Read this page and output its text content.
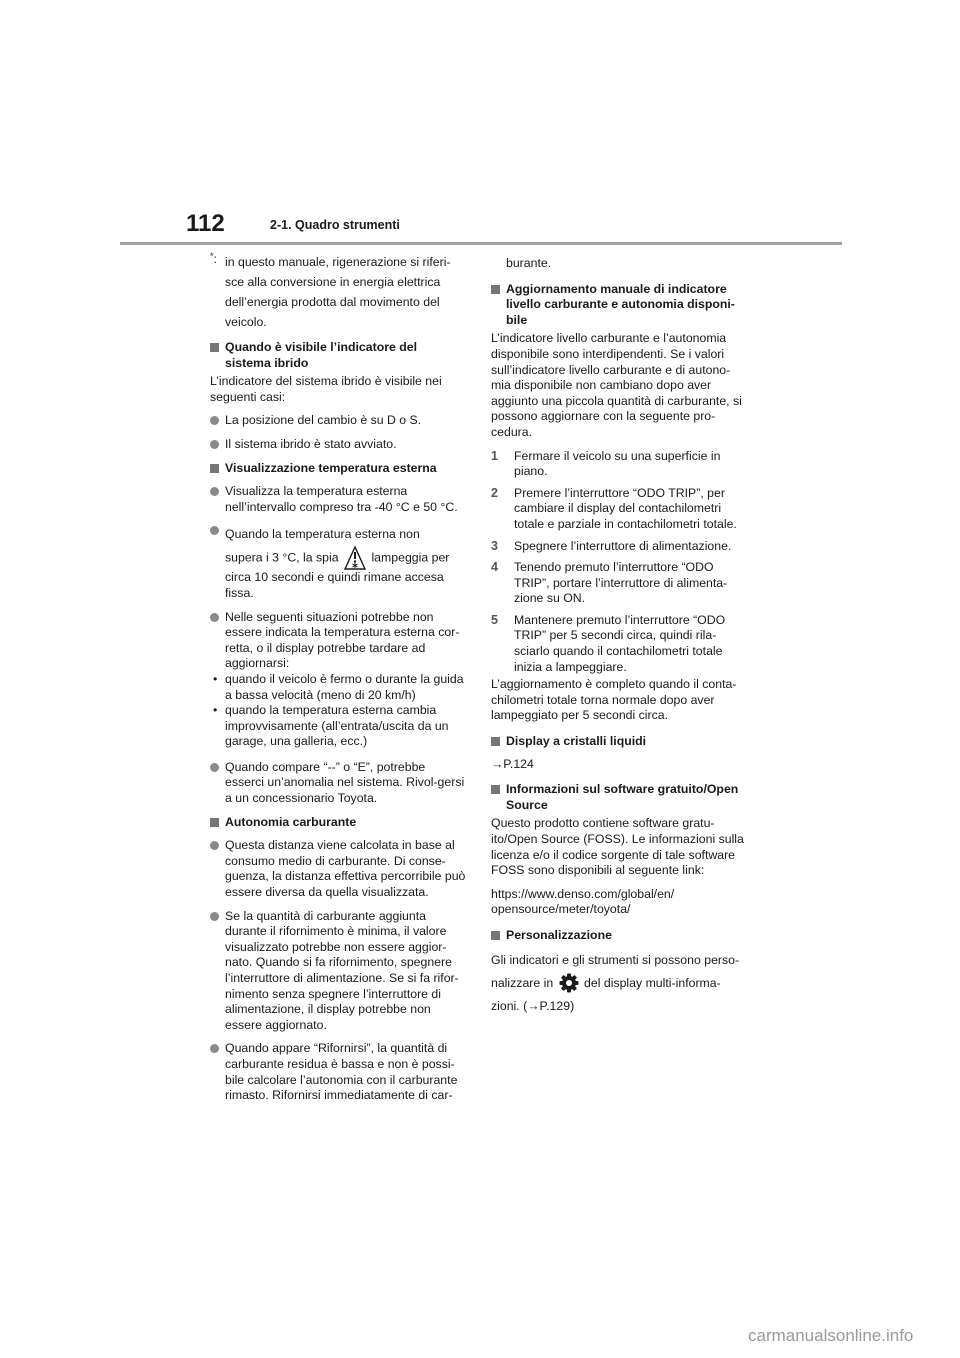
112	2-1. Quadro strumenti
*: in questo manuale, rigenerazione si riferi-
sce alla conversione in energia elettrica
dell’energia prodotta dal movimento del
veicolo.
Quando è visibile l’indicatore del sistema ibrido
L’indicatore del sistema ibrido è visibile nei seguenti casi:
La posizione del cambio è su D o S.
Il sistema ibrido è stato avviato.
Visualizzazione temperatura esterna
Visualizza la temperatura esterna nell’intervallo compreso tra -40 °C e 50 °C.
Quando la temperatura esterna non
supera i 3 °C, la spia	lampeggia per
circa 10 secondi e quindi rimane accesa fissa.
Nelle seguenti situazioni potrebbe non essere indicata la temperatura esterna cor-retta, o il display potrebbe tardare ad aggiornarsi:
• quando il veicolo è fermo o durante la guida a bassa velocità (meno di 20 km/h)
• quando la temperatura esterna cambia improvvisamente (all’entrata/uscita da un garage, una galleria, ecc.)
Quando compare “--” o “E”, potrebbe esserci un’anomalia nel sistema. Rivol-gersi a un concessionario Toyota.
Autonomia carburante
Questa distanza viene calcolata in base al consumo medio di carburante. Di conse-guenza, la distanza effettiva percorribile può essere diversa da quella visualizzata.
Se la quantità di carburante aggiunta durante il rifornimento è minima, il valore visualizzato potrebbe non essere aggior-nato. Quando si fa rifornimento, spegnere l’interruttore di alimentazione. Se si fa rifor-nimento senza spegnere l’interruttore di alimentazione, il display potrebbe non essere aggiornato.
Quando appare “Rifornirsi”, la quantità di carburante residua è bassa e non è possi-bile calcolare l’autonomia con il carburante rimasto. Rifornirsi immediatamente di car-
burante.
Aggiornamento manuale di indicatore livello carburante e autonomia disponi-bile
L’indicatore livello carburante e l’autonomia disponibile sono interdipendenti. Se i valori sull’indicatore livello carburante e di autono-mia disponibile non cambiano dopo aver aggiunto una piccola quantità di carburante, si possono aggiornare con la seguente pro-cedura.
1 Fermare il veicolo su una superficie in piano.
2 Premere l’interruttore “ODO TRIP”, per cambiare il display del contachilometri totale e parziale in contachilometri totale.
3 Spegnere l’interruttore di alimentazione.
4 Tenendo premuto l’interruttore “ODO TRIP”, portare l’interruttore di alimenta-zione su ON.
5 Mantenere premuto l’interruttore “ODO TRIP” per 5 secondi circa, quindi rila-sciarlo quando il contachilometri totale inizia a lampeggiare.
L’aggiornamento è completo quando il conta-chilometri totale torna normale dopo aver lampeggiato per 5 secondi circa.
Display a cristalli liquidi
→P.124
Informazioni sul software gratuito/Open Source
Questo prodotto contiene software gratu-ito/Open Source (FOSS). Le informazioni sulla licenza e/o il codice sorgente di tale software FOSS sono disponibili al seguente link:
https://www.denso.com/global/en/ opensource/meter/toyota/
Personalizzazione
Gli indicatori e gli strumenti si possono perso-
nalizzare in	del display multi-informa-
zioni. (→P.129)
carmanualsonline.info
